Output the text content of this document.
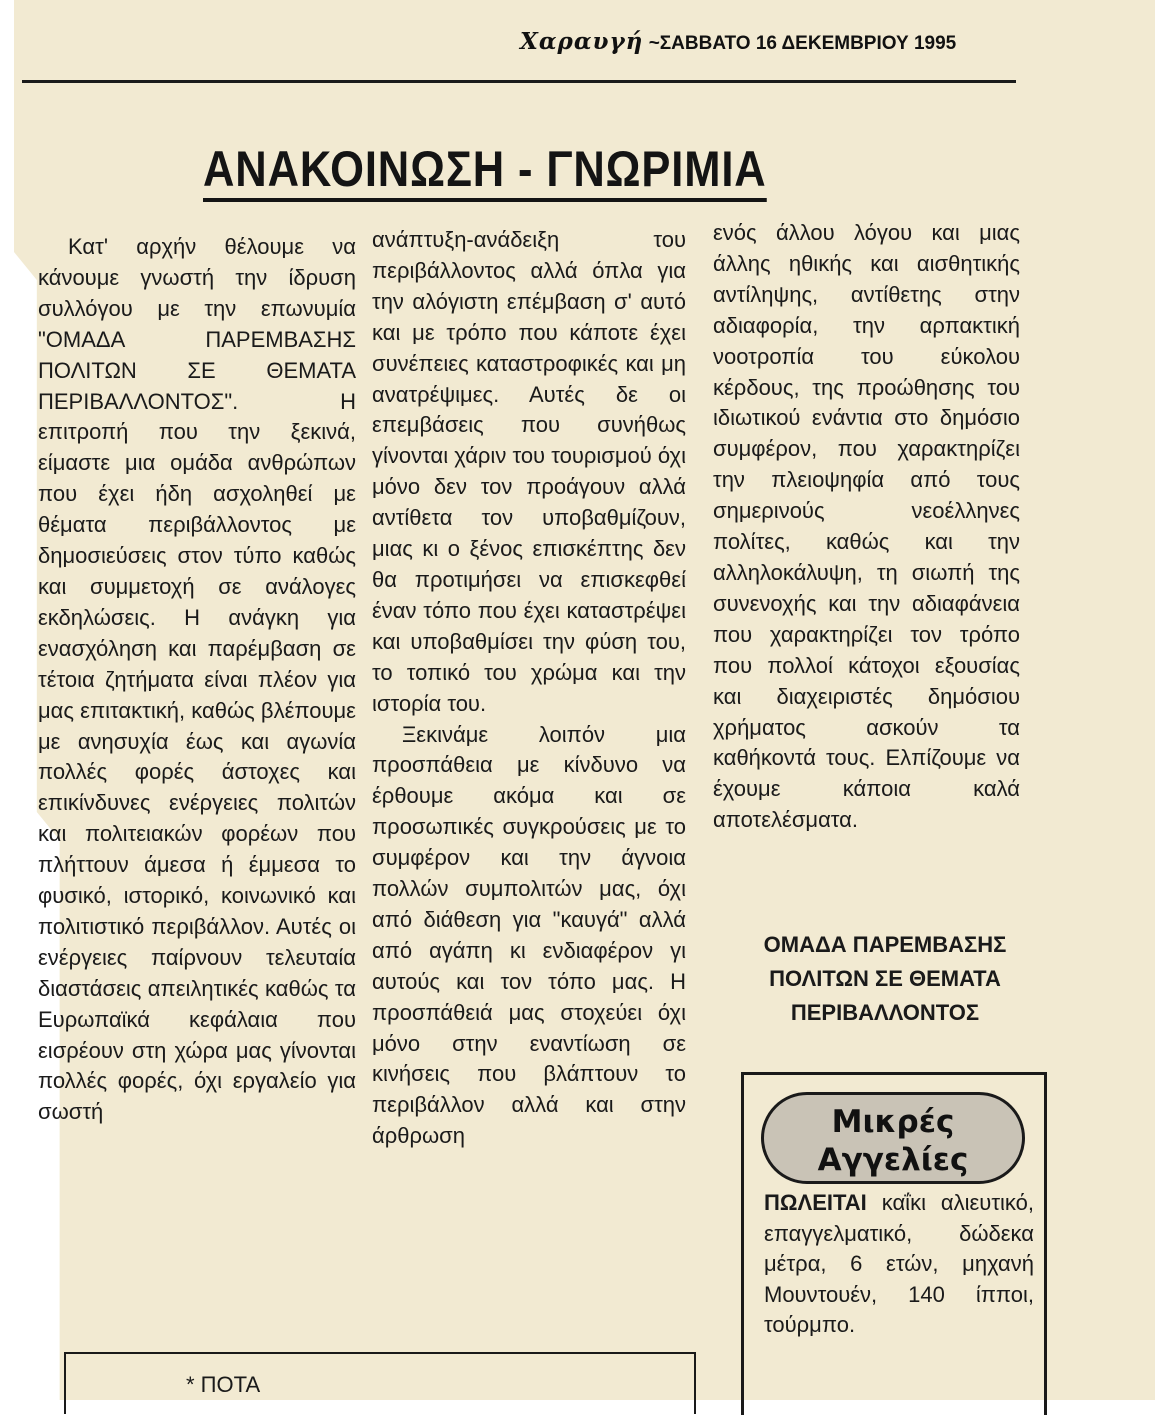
Χαραυγή ~ΣΑΒΒΑΤΟ 16 ΔΕΚΕΜΒΡΙΟΥ 1995
ΑΝΑΚΟΙΝΩΣΗ - ΓΝΩΡΙΜΙΑ

Κατ' αρχήν θέλουμε να κάνουμε γνωστή την ίδρυση συλλόγου με την επωνυμία "ΟΜΑΔΑ ΠΑΡΕΜΒΑΣΗΣ ΠΟΛΙΤΩΝ ΣΕ ΘΕΜΑΤΑ ΠΕΡΙΒΑΛΛΟΝΤΟΣ". Η επιτροπή που την ξεκινά, είμαστε μια ομάδα ανθρώπων που έχει ήδη ασχοληθεί με θέματα περιβάλλοντος με δημοσιεύσεις στον τύπο καθώς και συμμετοχή σε ανάλογες εκδηλώσεις. Η ανάγκη για ενασχόληση και παρέμβαση σε τέτοια ζητήματα είναι πλέον για μας επιτακτική, καθώς βλέπουμε με ανησυχία έως και αγωνία πολλές φορές άστοχες και επικίνδυνες ενέργειες πολιτών και πολιτειακών φορέων που πλήττουν άμεσα ή έμμεσα το φυσικό, ιστορικό, κοινωνικό και πολιτιστικό περιβάλλον. Αυτές οι ενέργειες παίρνουν τελευταία διαστάσεις απειλητικές καθώς τα Ευρωπαϊκά κεφάλαια που εισρέουν στη χώρα μας γίνονται πολλές φορές, όχι εργαλείο για σωστή

ανάπτυξη-ανάδειξη του περιβάλλοντος αλλά όπλα για την αλόγιστη επέμβαση σ' αυτό και με τρόπο που κάποτε έχει συνέπειες καταστροφικές και μη ανατρέψιμες. Αυτές δε οι επεμβάσεις που συνήθως γίνονται χάριν του τουρισμού όχι μόνο δεν τον προάγουν αλλά αντίθετα τον υποβαθμίζουν, μιας κι ο ξένος επισκέπτης δεν θα προτιμήσει να επισκεφθεί έναν τόπο που έχει καταστρέψει και υποβαθμίσει την φύση του, το τοπικό του χρώμα και την ιστορία του.

Ξεκινάμε λοιπόν μια προσπάθεια με κίνδυνο να έρθουμε ακόμα και σε προσωπικές συγκρούσεις με το συμφέρον και την άγνοια πολλών συμπολιτών μας, όχι από διάθεση για "καυγά" αλλά από αγάπη κι ενδιαφέρον γι αυτούς και τον τόπο μας. Η προσπάθειά μας στοχεύει όχι μόνο στην εναντίωση σε κινήσεις που βλάπτουν το περιβάλλον αλλά και στην άρθρωση

ενός άλλου λόγου και μιας άλλης ηθικής και αισθητικής αντίληψης, αντίθετης στην αδιαφορία, την αρπακτική νοοτροπία του εύκολου κέρδους, της προώθησης του ιδιωτικού ενάντια στο δημόσιο συμφέρον, που χαρακτηρίζει την πλειοψηφία από τους σημερινούς νεοέλληνες πολίτες, καθώς και την αλληλοκάλυψη, τη σιωπή της συνενοχής και την αδιαφάνεια που χαρακτηρίζει τον τρόπο που πολλοί κάτοχοι εξουσίας και διαχειριστές δημόσιου χρήματος ασκούν τα καθήκοντά τους. Ελπίζουμε να έχουμε κάποια καλά αποτελέσματα.

ΟΜΑΔΑ ΠΑΡΕΜΒΑΣΗΣ
ΠΟΛΙΤΩΝ ΣΕ ΘΕΜΑΤΑ
ΠΕΡΙΒΑΛΛΟΝΤΟΣ
Μικρές
Αγγελίες
ΠΩΛΕΙΤΑΙ καΐκι αλιευτικό, επαγγελματικό, δώδεκα μέτρα, 6 ετών, μηχανή Μουντουέν, 140 ίπποι, τούρμπο.
* ΠΟΤΑ
